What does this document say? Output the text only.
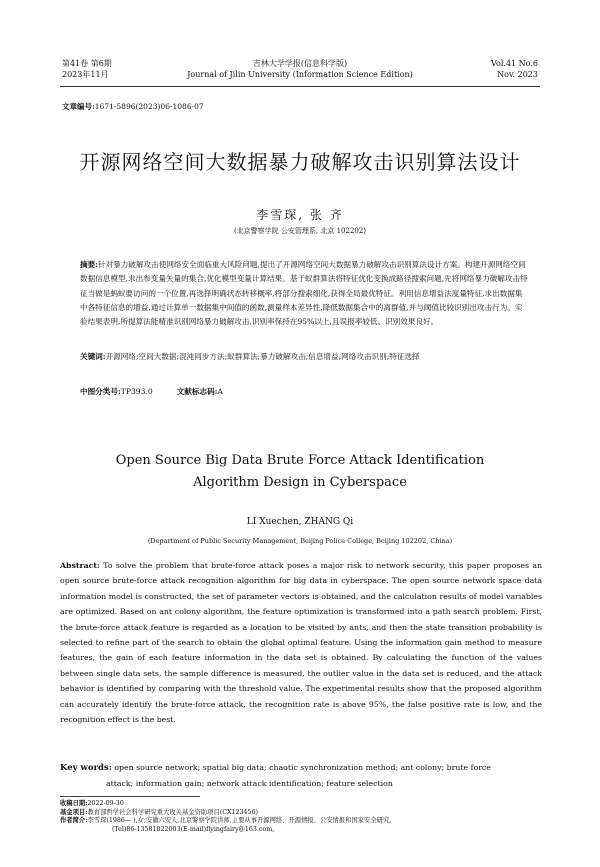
第41卷 第6期
2023年11月
吉林大学学报(信息科学版)
Journal of Jilin University (Information Science Edition)
Vol.41 No.6
Nov. 2023
文章编号:1671-5896(2023)06-1086-07
开源网络空间大数据暴力破解攻击识别算法设计
李雪琛, 张 齐
(北京警察学院 公安管理系, 北京 102202)
摘要:针对暴力破解攻击使网络安全面临重大风险问题,提出了开源网络空间大数据暴力破解攻击识别算法设计方案。构建开源网络空间数据信息模型,求出参变量矢量的集合,优化模型变量计算结果。基于蚁群算法将特征优化变换成路径搜索问题,先将网络暴力破解攻击特征当做是蚂蚁要访问的一个位置,再选择明确状态转移概率,将部分搜索细化,获得全局最优特征。利用信息增益法度量特征,求出数据集中各特征信息的增益,通过计算单一数据集中间值的函数,测量样本差异性,降低数据集合中的离群值,并与阈值比较识别出攻击行为。实验结果表明,所提算法能精准识别网络暴力破解攻击,识别率保持在95%以上,且误报率较低、识别效果良好。
关键词:开源网络;空间大数据;混沌同步方法;蚁群算法;暴力破解攻击;信息增益;网络攻击识别;特征选择
中图分类号:TP393.0	文献标志码:A
Open Source Big Data Brute Force Attack Identification
Algorithm Design in Cyberspace
LI Xuechen, ZHANG Qi
(Department of Public Security Management, Beijing Police College, Beijing 102202, China)
Abstract: To solve the problem that brute-force attack poses a major risk to network security, this paper proposes an open source brute-force attack recognition algorithm for big data in cyberspace. The open source network space data information model is constructed, the set of parameter vectors is obtained, and the calculation results of model variables are optimized. Based on ant colony algorithm, the feature optimization is transformed into a path search problem. First, the brute-force attack feature is regarded as a location to be visited by ants, and then the state transition probability is selected to refine part of the search to obtain the global optimal feature. Using the information gain method to measure features, the gain of each feature information in the data set is obtained. By calculating the function of the values between single data sets, the sample difference is measured, the outlier value in the data set is reduced, and the attack behavior is identified by comparing with the threshold value. The experimental results show that the proposed algorithm can accurately identify the brute-force attack, the recognition rate is above 95%, the false positive rate is low, and the recognition effect is the best.
Key words: open source network; spatial big data; chaotic synchronization method; ant colony; brute force
attack; information gain; network attack identification; feature selection
收稿日期:2022-09-30
基金项目:教育部哲学社会科学研究重大攻关基金资助项目(CX123456)
作者简介:李雪琛(1986— ),女,安徽六安人,北京警察学院讲师,主要从事开源网络、开源情报、公安情报和国家安全研究,
(Tel)86-13581822003(E-mail)flyingfairy@163.com。
